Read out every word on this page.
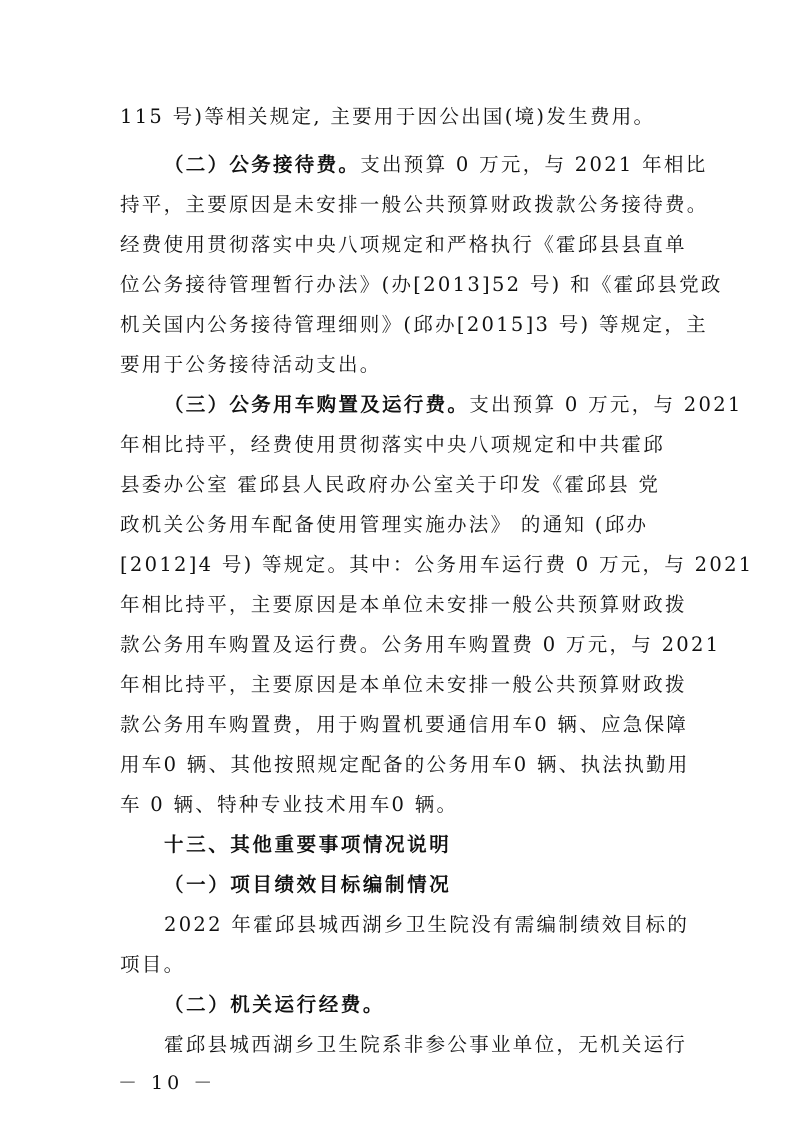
115 号)等相关规定, 主要用于因公出国(境)发生费用。
（二）公务接待费。支出预算 0 万元，与 2021 年相比
持平，主要原因是未安排一般公共预算财政拨款公务接待费。
经费使用贯彻落实中央八项规定和严格执行《霍邱县县直单
位公务接待管理暂行办法》(办[2013]52 号) 和《霍邱县党政
机关国内公务接待管理细则》(邱办[2015]3 号) 等规定，主
要用于公务接待活动支出。
（三）公务用车购置及运行费。支出预算 0 万元，与 2021
年相比持平，经费使用贯彻落实中央八项规定和中共霍邱
县委办公室 霍邱县人民政府办公室关于印发《霍邱县 党
政机关公务用车配备使用管理实施办法》 的通知 (邱办
[2012]4 号) 等规定。其中：公务用车运行费 0 万元，与 2021
年相比持平，主要原因是本单位未安排一般公共预算财政拨
款公务用车购置及运行费。公务用车购置费 0 万元，与 2021
年相比持平，主要原因是本单位未安排一般公共预算财政拨
款公务用车购置费，用于购置机要通信用车0 辆、应急保障
用车0 辆、其他按照规定配备的公务用车0 辆、执法执勤用
车 0 辆、特种专业技术用车0 辆。
十三、其他重要事项情况说明
（一）项目绩效目标编制情况
2022 年霍邱县城西湖乡卫生院没有需编制绩效目标的
项目。
（二）机关运行经费。
霍邱县城西湖乡卫生院系非参公事业单位，无机关运行
－ 10 －
